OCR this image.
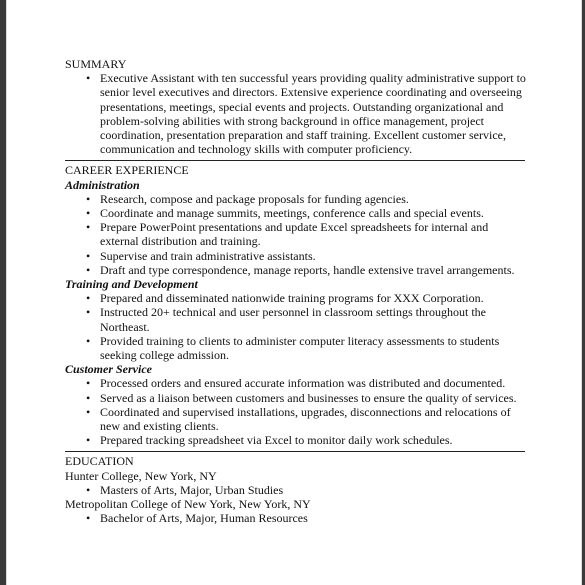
SUMMARY
• Executive Assistant with ten successful years providing quality administrative support to senior level executives and directors. Extensive experience coordinating and overseeing presentations, meetings, special events and projects. Outstanding organizational and problem-solving abilities with strong background in office management, project coordination, presentation preparation and staff training. Excellent customer service, communication and technology skills with computer proficiency.
CAREER EXPERIENCE
Administration
• Research, compose and package proposals for funding agencies.
• Coordinate and manage summits, meetings, conference calls and special events.
• Prepare PowerPoint presentations and update Excel spreadsheets for internal and external distribution and training.
• Supervise and train administrative assistants.
• Draft and type correspondence, manage reports, handle extensive travel arrangements.
Training and Development
• Prepared and disseminated nationwide training programs for XXX Corporation.
• Instructed 20+ technical and user personnel in classroom settings throughout the Northeast.
• Provided training to clients to administer computer literacy assessments to students seeking college admission.
Customer Service
• Processed orders and ensured accurate information was distributed and documented.
• Served as a liaison between customers and businesses to ensure the quality of services.
• Coordinated and supervised installations, upgrades, disconnections and relocations of new and existing clients.
• Prepared tracking spreadsheet via Excel to monitor daily work schedules.
EDUCATION
Hunter College, New York, NY
• Masters of Arts, Major, Urban Studies
Metropolitan College of New York, New York, NY
• Bachelor of Arts, Major, Human Resources
